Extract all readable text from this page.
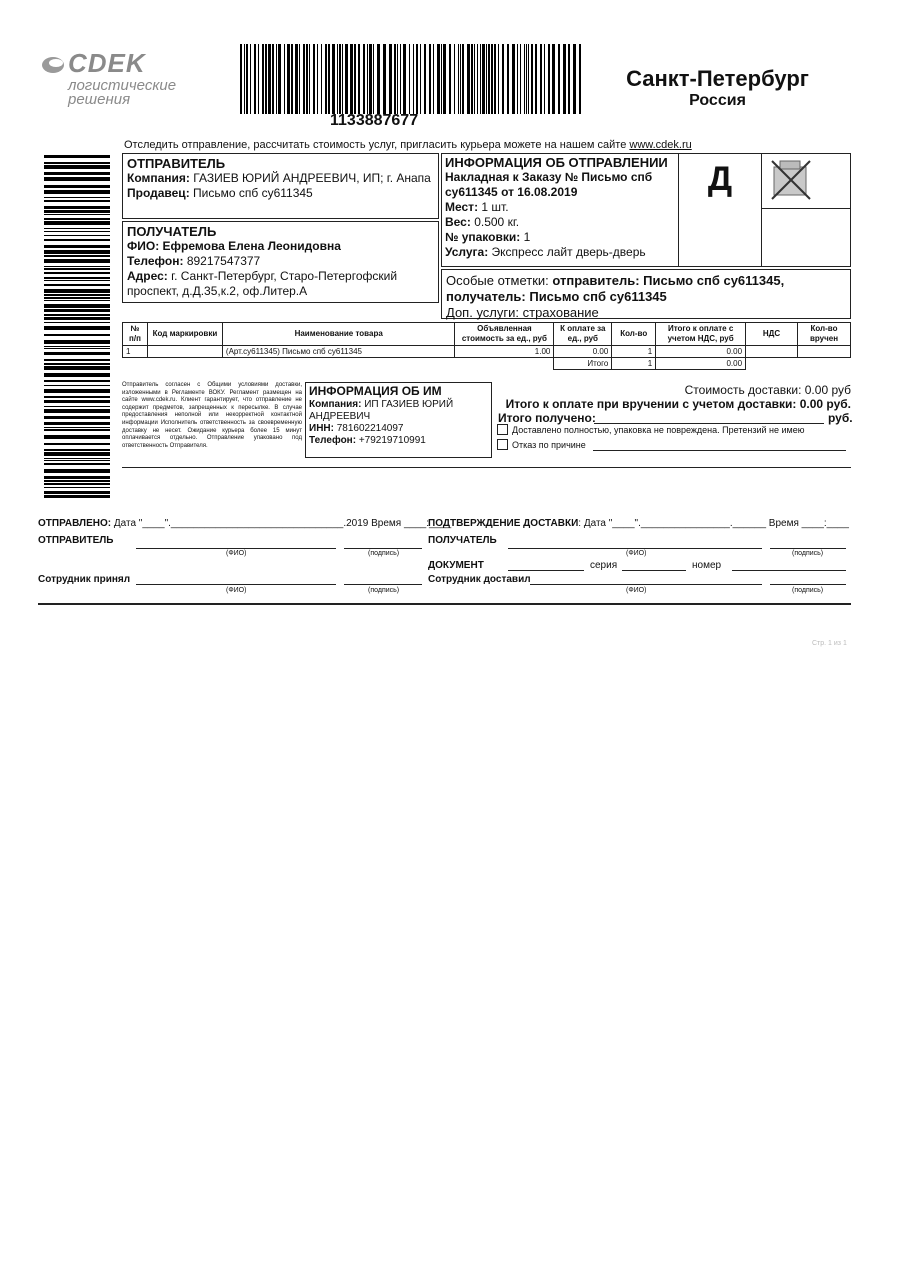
CDEK
логистические
решения
1133887677
Санкт-Петербург
Россия
Отследить отправление, рассчитать стоимость услуг, пригласить курьера можете на нашем сайте www.cdek.ru
ОТПРАВИТЕЛЬ
Компания: ГАЗИЕВ ЮРИЙ АНДРЕЕВИЧ, ИП; г. Анапа
Продавец: Письмо спб су611345
ПОЛУЧАТЕЛЬ
ФИО: Ефремова Елена Леонидовна
Телефон: 89217547377
Адрес: г. Санкт-Петербург, Старо-Петергофский проспект, д.Д.35,к.2, оф.Литер.А
ИНФОРМАЦИЯ ОБ ОТПРАВЛЕНИИ
Накладная к Заказу № Письмо спб
су611345 от 16.08.2019
Мест: 1 шт.
Вес: 0.500 кг.
№ упаковки: 1
Услуга: Экспресс лайт дверь-дверь
Д
Особые отметки: отправитель: Письмо спб су611345,
получатель: Письмо спб су611345
Доп. услуги: страхование
№ п/п	Код маркировки	Наименование товара	Объявленная стоимость за ед., руб	К оплате за ед., руб	Кол-во	Итого к оплате с учетом НДС, руб	НДС	Кол-во вручен
1		(Арт.су611345) Письмо спб су611345	1.00	0.00	1	0.00		
				Итого	1	0.00		
Отправитель согласен с Общими условиями доставки, изложенными в Регламенте ВОКУ. Регламент размещен на сайте www.cdek.ru. Клиент гарантирует, что отправление не содержит предметов, запрещенных к пересылке. В случае предоставления неполной или некорректной контактной информации Исполнитель ответственность за своевременную доставку не несет. Ожидание курьера более 15 минут оплачивается отдельно. Отправление упаковано под ответственность Отправителя.
ИНФОРМАЦИЯ ОБ ИМ
Компания: ИП ГАЗИЕВ ЮРИЙ АНДРЕЕВИЧ
ИНН: 781602214097
Телефон: +79219710991
Стоимость доставки: 0.00 руб
Итого к оплате при вручении с учетом доставки: 0.00 руб.
Итого получено:	руб.
Доставлено полностью, упаковка не повреждена. Претензий не имею
Отказ по причине
ОТПРАВЛЕНО: Дата "____"._______________________________.2019 Время ____:____
ОТПРАВИТЕЛЬ
(ФИО)	(подпись)
Сотрудник принял
(ФИО)	(подпись)
ПОДТВЕРЖДЕНИЕ ДОСТАВКИ: Дата "____".________________.______ Время ____:____
ПОЛУЧАТЕЛЬ
(ФИО)	(подпись)
ДОКУМЕНТ	серия	номер
Сотрудник доставил
(ФИО)	(подпись)
Стр. 1 из 1
